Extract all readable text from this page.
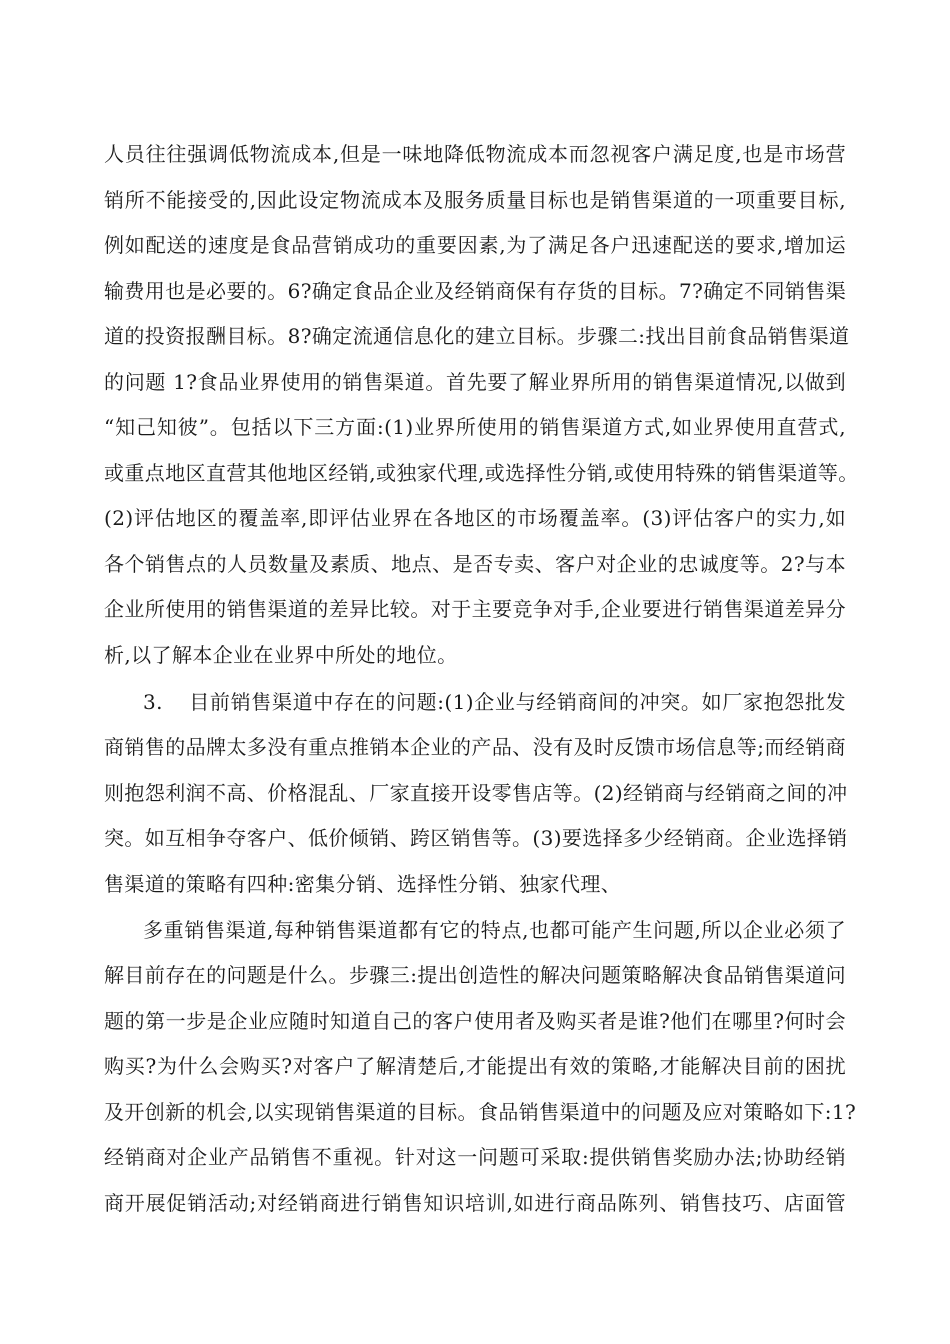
人员往往强调低物流成本,但是一味地降低物流成本而忽视客户满足度,也是市场营
销所不能接受的,因此设定物流成本及服务质量目标也是销售渠道的一项重要目标,
例如配送的速度是食品营销成功的重要因素,为了满足各户迅速配送的要求,增加运
输费用也是必要的。6?确定食品企业及经销商保有存货的目标。7?确定不同销售渠
道的投资报酬目标。8?确定流通信息化的建立目标。步骤二:找出目前食品销售渠道
的问题 1?食品业界使用的销售渠道。首先要了解业界所用的销售渠道情况,以做到
“知己知彼”。包括以下三方面:(1)业界所使用的销售渠道方式,如业界使用直营式,
或重点地区直营其他地区经销,或独家代理,或选择性分销,或使用特殊的销售渠道等。
(2)评估地区的覆盖率,即评估业界在各地区的市场覆盖率。(3)评估客户的实力,如
各个销售点的人员数量及素质、地点、是否专卖、客户对企业的忠诚度等。2?与本
企业所使用的销售渠道的差异比较。对于主要竞争对手,企业要进行销售渠道差异分
析,以了解本企业在业界中所处的地位。
3. 目前销售渠道中存在的问题:(1)企业与经销商间的冲突。如厂家抱怨批发
商销售的品牌太多没有重点推销本企业的产品、没有及时反馈市场信息等;而经销商
则抱怨利润不高、价格混乱、厂家直接开设零售店等。(2)经销商与经销商之间的冲
突。如互相争夺客户、低价倾销、跨区销售等。(3)要选择多少经销商。企业选择销
售渠道的策略有四种:密集分销、选择性分销、独家代理、
多重销售渠道,每种销售渠道都有它的特点,也都可能产生问题,所以企业必须了
解目前存在的问题是什么。步骤三:提出创造性的解决问题策略解决食品销售渠道问
题的第一步是企业应随时知道自己的客户使用者及购买者是谁?他们在哪里?何时会
购买?为什么会购买?对客户了解清楚后,才能提出有效的策略,才能解决目前的困扰
及开创新的机会,以实现销售渠道的目标。食品销售渠道中的问题及应对策略如下:1?
经销商对企业产品销售不重视。针对这一问题可采取:提供销售奖励办法;协助经销
商开展促销活动;对经销商进行销售知识培训,如进行商品陈列、销售技巧、店面管
